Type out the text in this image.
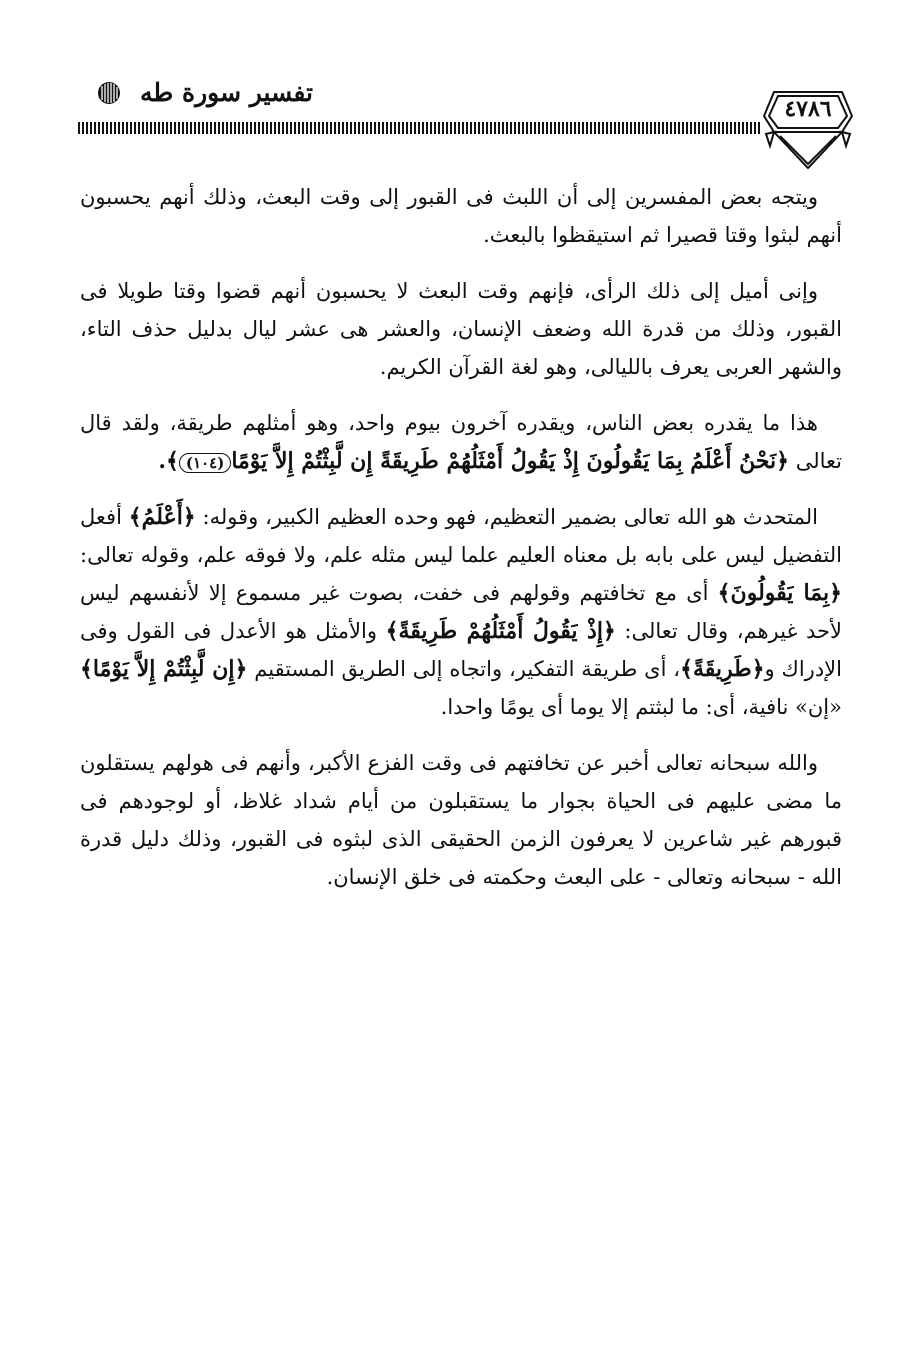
تفسير سورة طه
٤٧٨٦

ويتجه بعض المفسرين إلى أن اللبث فى القبور إلى وقت البعث، وذلك أنهم يحسبون أنهم لبثوا وقتا قصيرا ثم استيقظوا بالبعث.

وإنى أميل إلى ذلك الرأى، فإنهم وقت البعث لا يحسبون أنهم قضوا وقتا طويلا فى القبور، وذلك من قدرة الله وضعف الإنسان، والعشر هى عشر ليال بدليل حذف التاء، والشهر العربى يعرف بالليالى، وهو لغة القرآن الكريم.

هذا ما يقدره بعض الناس، ويقدره آخرون بيوم واحد، وهو أمثلهم طريقة، ولقد قال تعالى ﴿نَحْنُ أَعْلَمُ بِمَا يَقُولُونَ إِذْ يَقُولُ أَمْثَلُهُمْ طَرِيقَةً إِن لَّبِثْتُمْ إِلاَّ يَوْمًا(١٠٤)﴾.

المتحدث هو الله تعالى بضمير التعظيم، فهو وحده العظيم الكبير، وقوله: ﴿أَعْلَمُ﴾ أفعل التفضيل ليس على بابه بل معناه العليم علما ليس مثله علم، ولا فوقه علم، وقوله تعالى: ﴿بِمَا يَقُولُونَ﴾ أى مع تخافتهم وقولهم فى خفت، بصوت غير مسموع إلا لأنفسهم ليس لأحد غيرهم، وقال تعالى: ﴿إِذْ يَقُولُ أَمْثَلُهُمْ طَرِيقَةً﴾ والأمثل هو الأعدل فى القول وفى الإدراك و﴿طَرِيقَةً﴾، أى طريقة التفكير، واتجاه إلى الطريق المستقيم ﴿إِن لَّبِثْتُمْ إِلاَّ يَوْمًا﴾ «إن» نافية، أى: ما لبثتم إلا يوما أى يومًا واحدا.

والله سبحانه تعالى أخبر عن تخافتهم فى وقت الفزع الأكبر، وأنهم فى هولهم يستقلون ما مضى عليهم فى الحياة بجوار ما يستقبلون من أيام شداد غلاظ، أو لوجودهم فى قبورهم غير شاعرين لا يعرفون الزمن الحقيقى الذى لبثوه فى القبور، وذلك دليل قدرة الله - سبحانه وتعالى - على البعث وحكمته فى خلق الإنسان.
